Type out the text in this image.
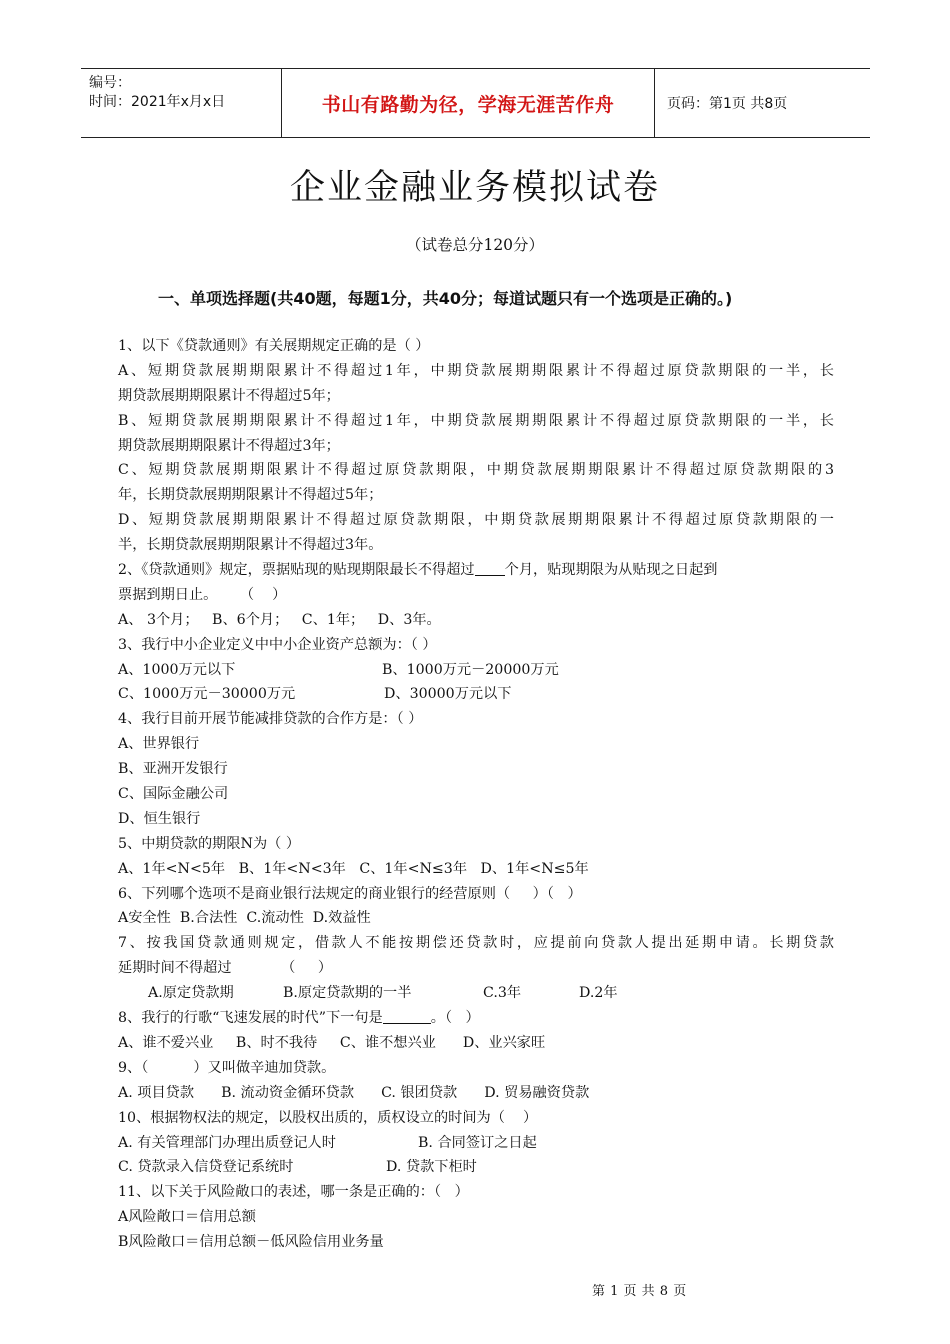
编号：
时间：2021年x月x日	书山有路勤为径，学海无涯苦作舟	页码：第1页 共8页
企业金融业务模拟试卷
（试卷总分120分）
一、单项选择题(共40题，每题1分，共40分；每道试题只有一个选项是正确的。)
1、以下《贷款通则》有关展期规定正确的是（ ）
A、短期贷款展期期限累计不得超过1年，中期贷款展期期限累计不得超过原贷款期限的一半，长
期贷款展期期限累计不得超过5年；
B、短期贷款展期期限累计不得超过1年，中期贷款展期期限累计不得超过原贷款期限的一半，长
期贷款展期期限累计不得超过3年；
C、短期贷款展期期限累计不得超过原贷款期限，中期贷款展期期限累计不得超过原贷款期限的3
年，长期贷款展期期限累计不得超过5年；
D、短期贷款展期期限累计不得超过原贷款期限，中期贷款展期期限累计不得超过原贷款期限的一
半，长期贷款展期期限累计不得超过3年。
2、《贷款通则》规定，票据贴现的贴现期限最长不得超过 个月，贴现期限为从贴现之日起到
票据到期日止。     （    ）
A、 3个月；   B、6个月；   C、1年；   D、3年。
3、我行中小企业定义中中小企业资产总额为：（ ）
A、1000万元以下	B、1000万元－20000万元
C、1000万元－30000万元	D、30000万元以下
4、我行目前开展节能减排贷款的合作方是：（ ）
A、世界银行
B、亚洲开发银行
C、国际金融公司
D、恒生银行
5、中期贷款的期限N为（ ）
A、1年<N<5年   B、1年<N<3年   C、1年<N≤3年   D、1年<N≤5年
6、下列哪个选项不是商业银行法规定的商业银行的经营原则（     ）（   ）
A安全性  B.合法性  C.流动性  D.效益性
7、按我国贷款通则规定，借款人不能按期偿还贷款时，应提前向贷款人提出延期申请。长期贷款
延期时间不得超过           （     ）
A.原定贷款期	B.原定贷款期的一半	C.3年	D.2年
8、我行的行歌“飞速发展的时代”下一句是	。（   ）
A、谁不爱兴业     B、时不我待     C、谁不想兴业      D、业兴家旺
9、（          ）又叫做辛迪加贷款。
A. 项目贷款      B. 流动资金循环贷款      C. 银团贷款      D. 贸易融资贷款
10、根据物权法的规定，以股权出质的，质权设立的时间为（    ）
A. 有关管理部门办理出质登记人时	B. 合同签订之日起
C. 贷款录入信贷登记系统时	D. 贷款下柜时
11、以下关于风险敞口的表述，哪一条是正确的：（   ）
A风险敞口＝信用总额
B风险敞口＝信用总额－低风险信用业务量
第 1 页 共 8 页
